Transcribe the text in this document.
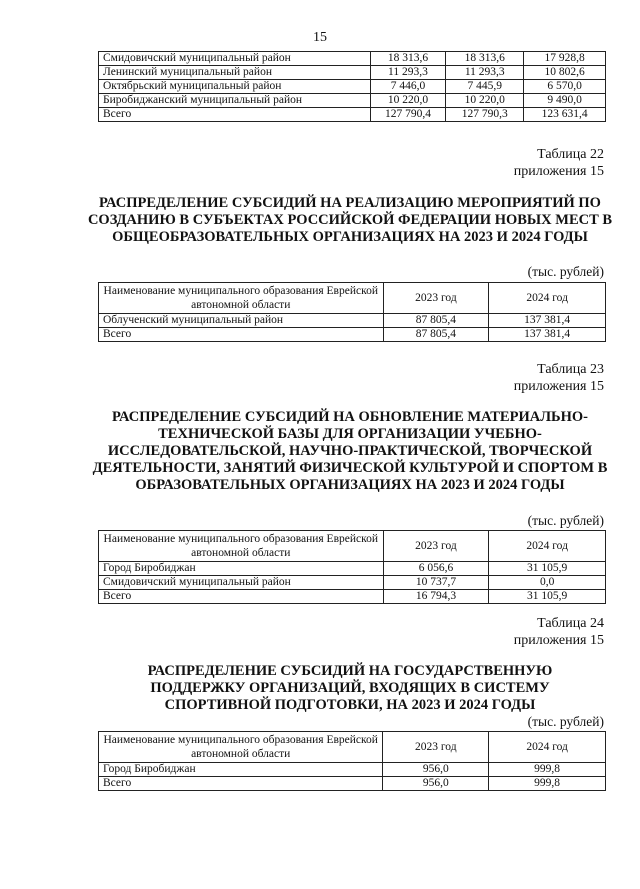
15
Смидовичский муниципальный район	18 313,6	18 313,6	17 928,8
Ленинский муниципальный район	11 293,3	11 293,3	10 802,6
Октябрьский муниципальный район	7 446,0	7 445,9	6 570,0
Биробиджанский муниципальный район	10 220,0	10 220,0	9 490,0
Всего	127 790,4	127 790,3	123 631,4
Таблица 22
приложения 15
РАСПРЕДЕЛЕНИЕ СУБСИДИЙ НА РЕАЛИЗАЦИЮ МЕРОПРИЯТИЙ ПО СОЗДАНИЮ В СУБЪЕКТАХ РОССИЙСКОЙ ФЕДЕРАЦИИ НОВЫХ МЕСТ В ОБЩЕОБРАЗОВАТЕЛЬНЫХ ОРГАНИЗАЦИЯХ НА 2023 И 2024 ГОДЫ
(тыс. рублей)
Наименование муниципального образования Еврейской автономной области	2023 год	2024 год
Облученский муниципальный район	87 805,4	137 381,4
Всего	87 805,4	137 381,4
Таблица 23
приложения 15
РАСПРЕДЕЛЕНИЕ СУБСИДИЙ НА ОБНОВЛЕНИЕ МАТЕРИАЛЬНО-ТЕХНИЧЕСКОЙ БАЗЫ ДЛЯ ОРГАНИЗАЦИИ УЧЕБНО-ИССЛЕДОВАТЕЛЬСКОЙ, НАУЧНО-ПРАКТИЧЕСКОЙ, ТВОРЧЕСКОЙ ДЕЯТЕЛЬНОСТИ, ЗАНЯТИЙ ФИЗИЧЕСКОЙ КУЛЬТУРОЙ И СПОРТОМ В ОБРАЗОВАТЕЛЬНЫХ ОРГАНИЗАЦИЯХ НА 2023 И 2024 ГОДЫ
(тыс. рублей)
Наименование муниципального образования Еврейской автономной области	2023 год	2024 год
Город Биробиджан	6 056,6	31 105,9
Смидовичский муниципальный район	10 737,7	0,0
Всего	16 794,3	31 105,9
Таблица 24
приложения 15
РАСПРЕДЕЛЕНИЕ СУБСИДИЙ НА ГОСУДАРСТВЕННУЮ ПОДДЕРЖКУ ОРГАНИЗАЦИЙ, ВХОДЯЩИХ В СИСТЕМУ СПОРТИВНОЙ ПОДГОТОВКИ, НА 2023 И 2024 ГОДЫ
(тыс. рублей)
Наименование муниципального образования Еврейской автономной области	2023 год	2024 год
Город Биробиджан	956,0	999,8
Всего	956,0	999,8
